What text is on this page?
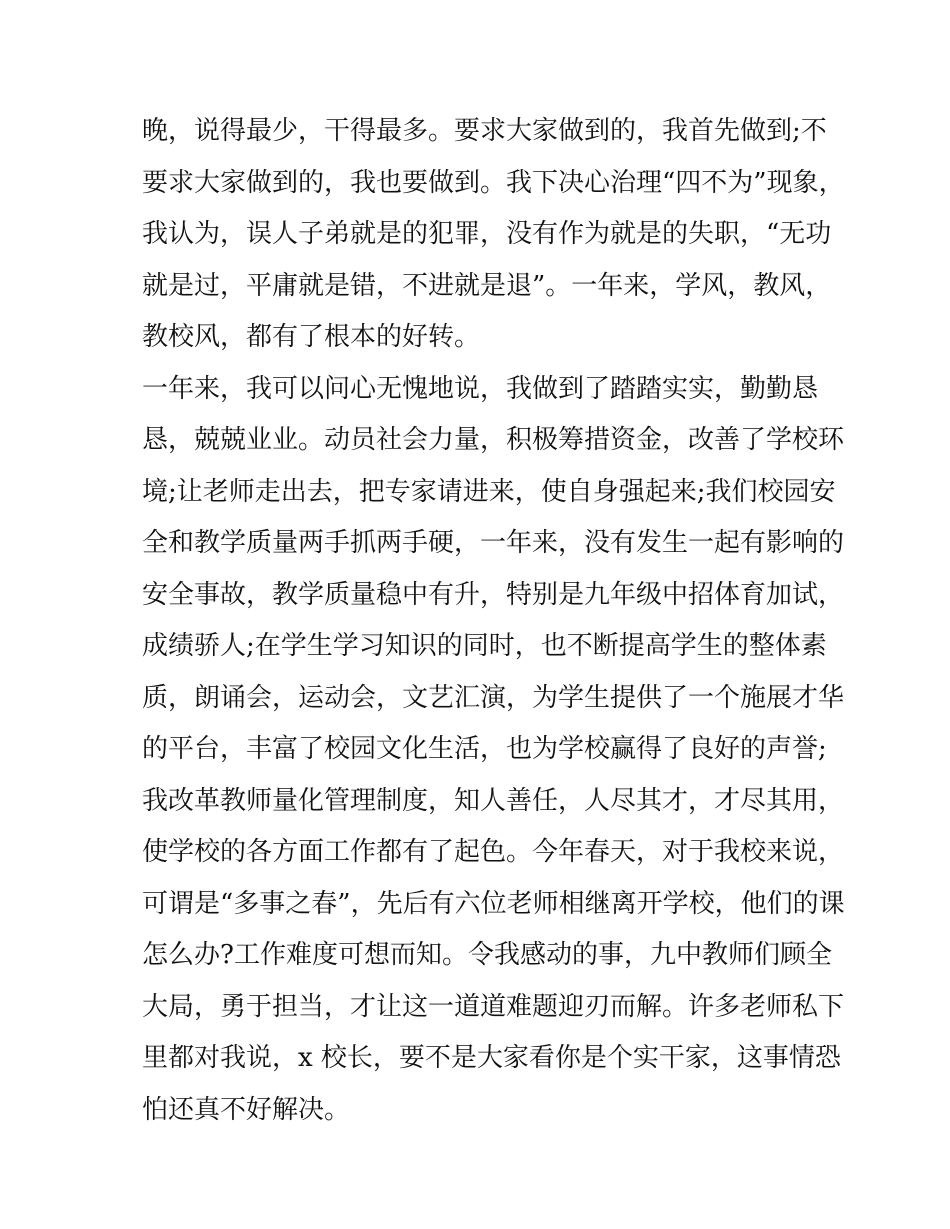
晚，说得最少，干得最多。要求大家做到的，我首先做到;不
要求大家做到的，我也要做到。我下决心治理“四不为”现象，
我认为，误人子弟就是的犯罪，没有作为就是的失职，“无功
就是过，平庸就是错，不进就是退”。一年来，学风，教风，
教校风，都有了根本的好转。
一年来，我可以问心无愧地说，我做到了踏踏实实，勤勤恳
恳，兢兢业业。动员社会力量，积极筹措资金，改善了学校环
境;让老师走出去，把专家请进来，使自身强起来;我们校园安
全和教学质量两手抓两手硬，一年来，没有发生一起有影响的
安全事故，教学质量稳中有升，特别是九年级中招体育加试，
成绩骄人;在学生学习知识的同时，也不断提高学生的整体素
质，朗诵会，运动会，文艺汇演，为学生提供了一个施展才华
的平台，丰富了校园文化生活，也为学校赢得了良好的声誉;
我改革教师量化管理制度，知人善任，人尽其才，才尽其用，
使学校的各方面工作都有了起色。今年春天，对于我校来说，
可谓是“多事之春”，先后有六位老师相继离开学校，他们的课
怎么办?工作难度可想而知。令我感动的事，九中教师们顾全
大局，勇于担当，才让这一道道难题迎刃而解。许多老师私下
里都对我说，x 校长，要不是大家看你是个实干家，这事情恐
怕还真不好解决。
